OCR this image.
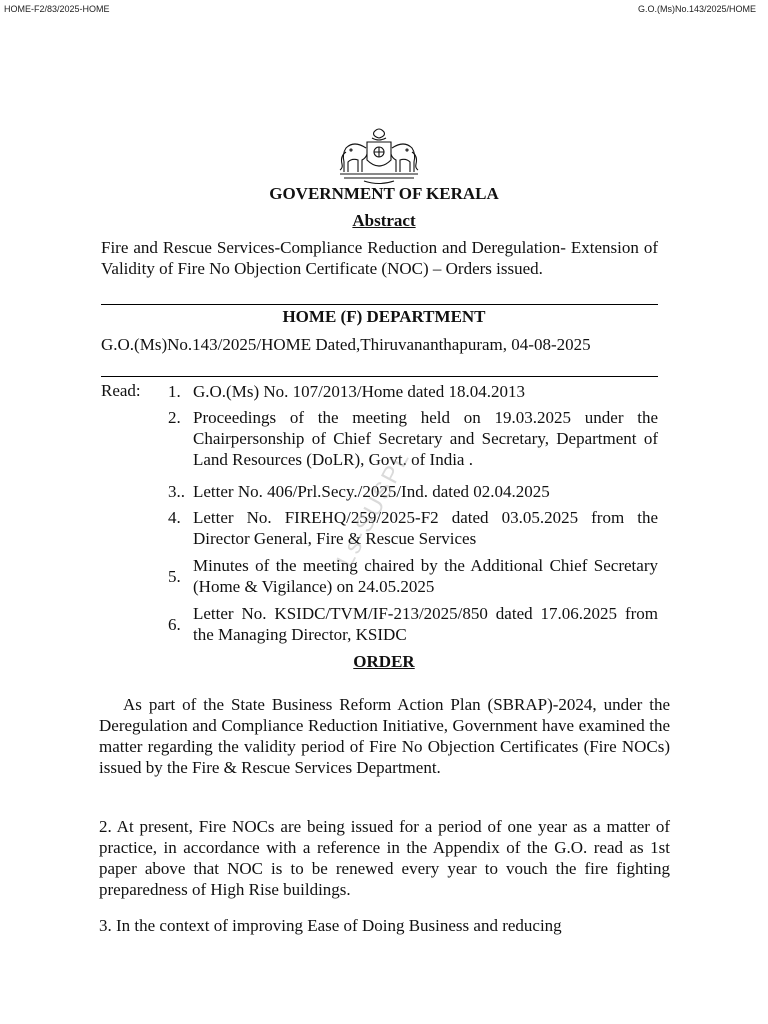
HOME-F2/83/2025-HOME	G.O.(Ms)No.143/2025/HOME
GOVERNMENT OF KERALA
Abstract
Fire and Rescue Services-Compliance Reduction and Deregulation- Extension of Validity of Fire No Objection Certificate (NOC) – Orders issued.
HOME (F) DEPARTMENT
G.O.(Ms)No.143/2025/HOME Dated,Thiruvananthapuram, 04-08-2025
Read: 1. G.O.(Ms) No. 107/2013/Home dated 18.04.2013
2. Proceedings of the meeting held on 19.03.2025 under the Chairpersonship of Chief Secretary and Secretary, Department of Land Resources (DoLR), Govt. of India .
3.. Letter No. 406/Prl.Secy./2025/Ind. dated 02.04.2025
4. Letter No. FIREHQ/259/2025-F2 dated 03.05.2025 from the Director General, Fire & Rescue Services
5.
Minutes of the meeting chaired by the Additional Chief Secretary (Home & Vigilance) on 24.05.2025
6.
Letter No. KSIDC/TVM/IF-213/2025/850 dated 17.06.2025 from the Managing Director, KSIDC
ORDER
As part of the State Business Reform Action Plan (SBRAP)-2024, under the Deregulation and Compliance Reduction Initiative, Government have examined the matter regarding the validity period of Fire No Objection Certificates (Fire NOCs) issued by the Fire & Rescue Services Department.
2. At present, Fire NOCs are being issued for a period of one year as a matter of practice, in accordance with a reference in the Appendix of the G.O. read as 1st paper above that NOC is to be renewed every year to vouch the fire fighting preparedness of High Rise buildings.
3. In the context of improving Ease of Doing Business and reducing
Ls-SUSPL
